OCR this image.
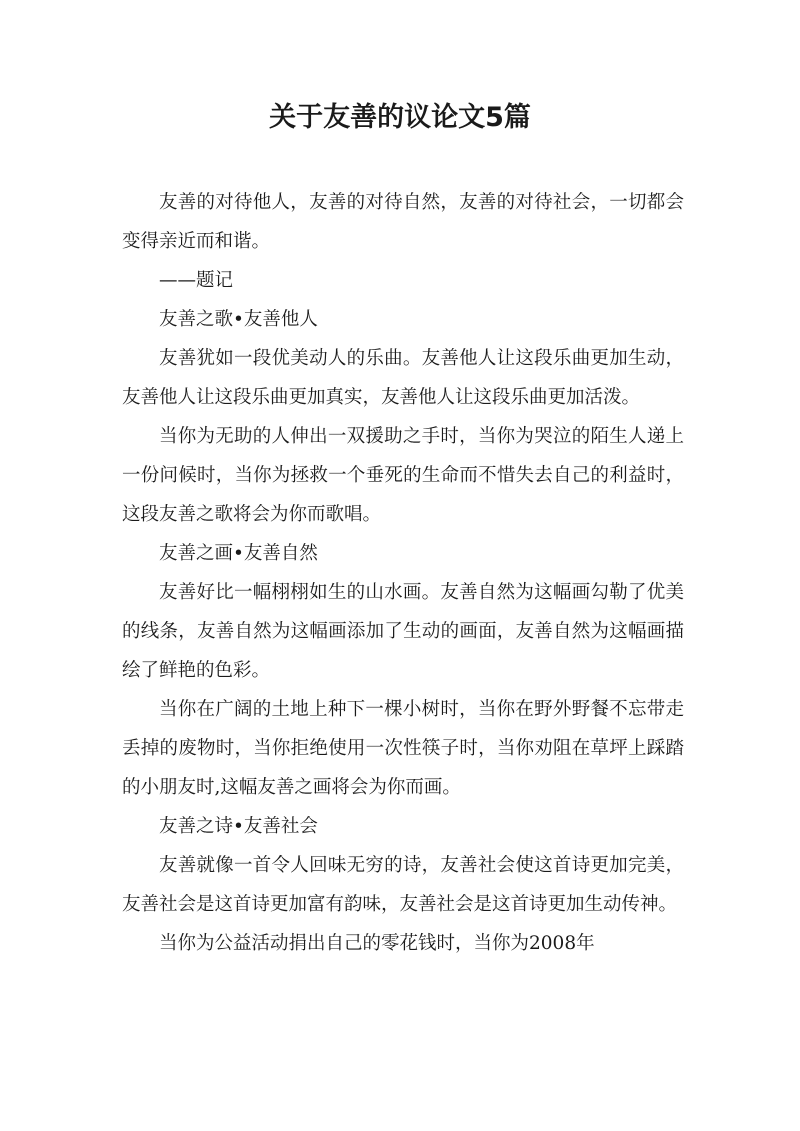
关于友善的议论文5篇

友善的对待他人，友善的对待自然，友善的对待社会，一切都会变得亲近而和谐。

——题记

友善之歌•友善他人

友善犹如一段优美动人的乐曲。友善他人让这段乐曲更加生动，友善他人让这段乐曲更加真实，友善他人让这段乐曲更加活泼。

当你为无助的人伸出一双援助之手时，当你为哭泣的陌生人递上一份问候时，当你为拯救一个垂死的生命而不惜失去自己的利益时，这段友善之歌将会为你而歌唱。

友善之画•友善自然

友善好比一幅栩栩如生的山水画。友善自然为这幅画勾勒了优美的线条，友善自然为这幅画添加了生动的画面，友善自然为这幅画描绘了鲜艳的色彩。

当你在广阔的土地上种下一棵小树时，当你在野外野餐不忘带走丢掉的废物时，当你拒绝使用一次性筷子时，当你劝阻在草坪上踩踏的小朋友时,这幅友善之画将会为你而画。

友善之诗•友善社会

友善就像一首令人回味无穷的诗，友善社会使这首诗更加完美，友善社会是这首诗更加富有韵味，友善社会是这首诗更加生动传神。

当你为公益活动捐出自己的零花钱时，当你为2008年
